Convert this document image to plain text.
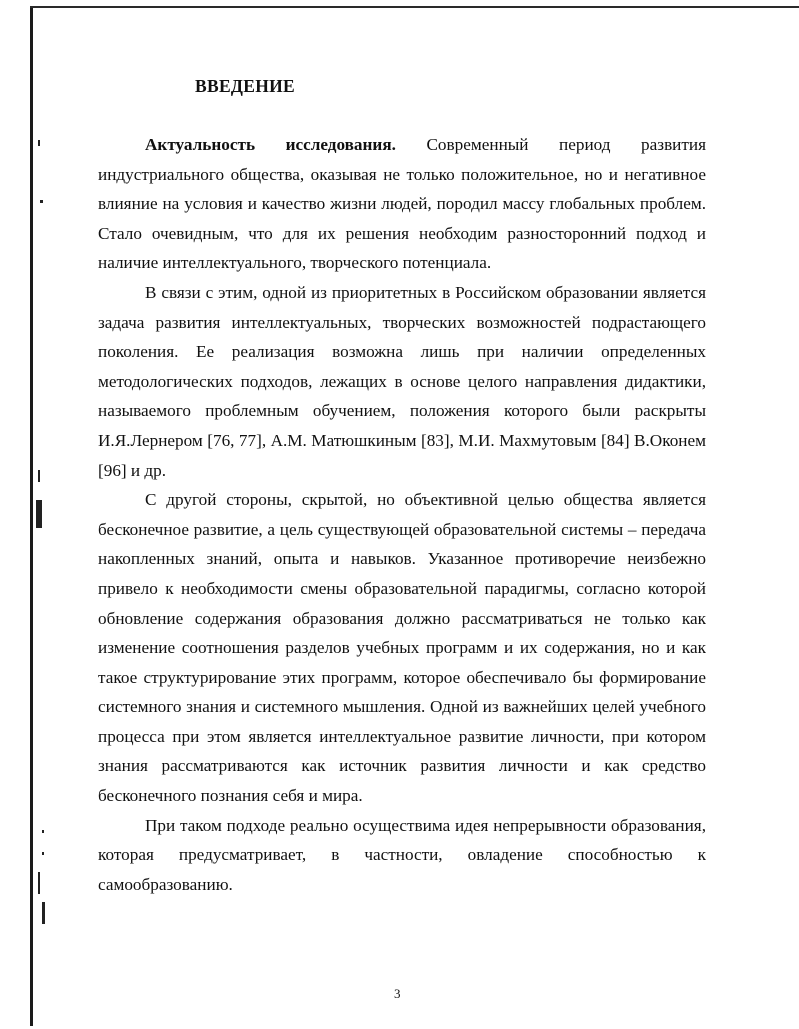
ВВЕДЕНИЕ

Актуальность исследования. Современный период развития индустриального общества, оказывая не только положительное, но и негативное влияние на условия и качество жизни людей, породил массу глобальных проблем. Стало очевидным, что для их решения необходим разносторонний подход и наличие интеллектуального, творческого потенциала.

В связи с этим, одной из приоритетных в Российском образовании является задача развития интеллектуальных, творческих возможностей подрастающего поколения. Ее реализация возможна лишь при наличии определенных методологических подходов, лежащих в основе целого направления дидактики, называемого проблемным обучением, положения которого были раскрыты И.Я.Лернером [76, 77], А.М. Матюшкиным [83], М.И. Махмутовым [84] В.Оконем [96] и др.

С другой стороны, скрытой, но объективной целью общества является бесконечное развитие, а цель существующей образовательной системы – передача накопленных знаний, опыта и навыков. Указанное противоречие неизбежно привело к необходимости смены образовательной парадигмы, согласно которой обновление содержания образования должно рассматриваться не только как изменение соотношения разделов учебных программ и их содержания, но и как такое структурирование этих программ, которое обеспечивало бы формирование системного знания и системного мышления. Одной из важнейших целей учебного процесса при этом является интеллектуальное развитие личности, при котором знания рассматриваются как источник развития личности и как средство бесконечного познания себя и мира.

При таком подходе реально осуществима идея непрерывности образования, которая предусматривает, в частности, овладение способностью к самообразованию.

3
